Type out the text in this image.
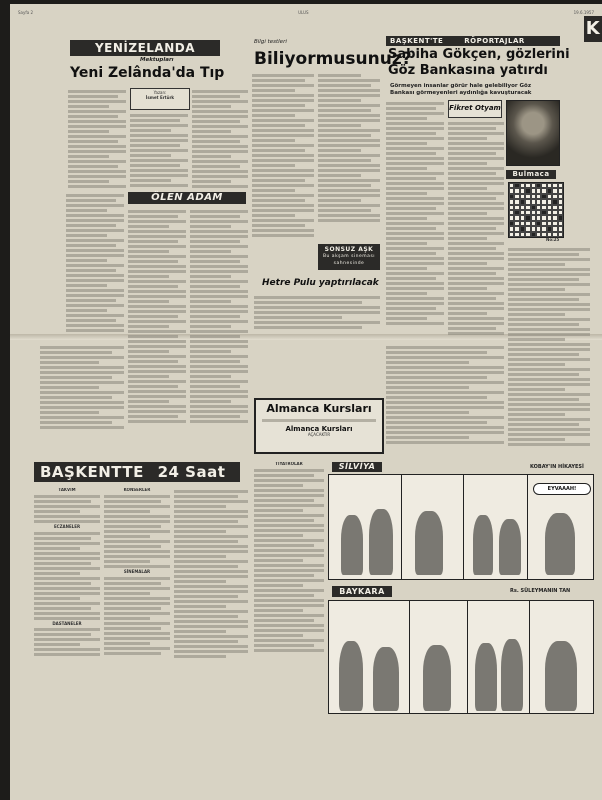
Sayfa 2	ULUS	19.6.1957
YENİZELANDA
Mektupları
Yeni Zelânda'da Tıp
Yazan:
İsmet Ertürk
ÖLEN ADAM
Bilgi testleri
Biliyormusunuz?
SONSUZ AŞK
Bu akşam sineması sahnesinde
Hetre Pulu yaptırılacak
Almanca Kursları
Almanca Kursları
AÇACAKTIR
BAŞKENT'TE	RÖPORTAJLAR
Sabiha Gökçen, gözlerini
Göz Bankasına yatırdı
Görmeyen insanlar görür hale gelebiliyor Göz
Bankası görmeyenleri aydınlığa kavuşturacak
Fikret Otyam
Bulmaca
No:25
K
BAŞKENTTE 24 Saat
TAKVİM
ECZANELER
DASTANELER
KONSERLER
SİNEMALAR
TİYATROLAR	SİLVİYA	KOBAY'IN HİKAYESİ
EYVAAAH!
BAYKARA	Rs. SÜLEYMANIN TAN
